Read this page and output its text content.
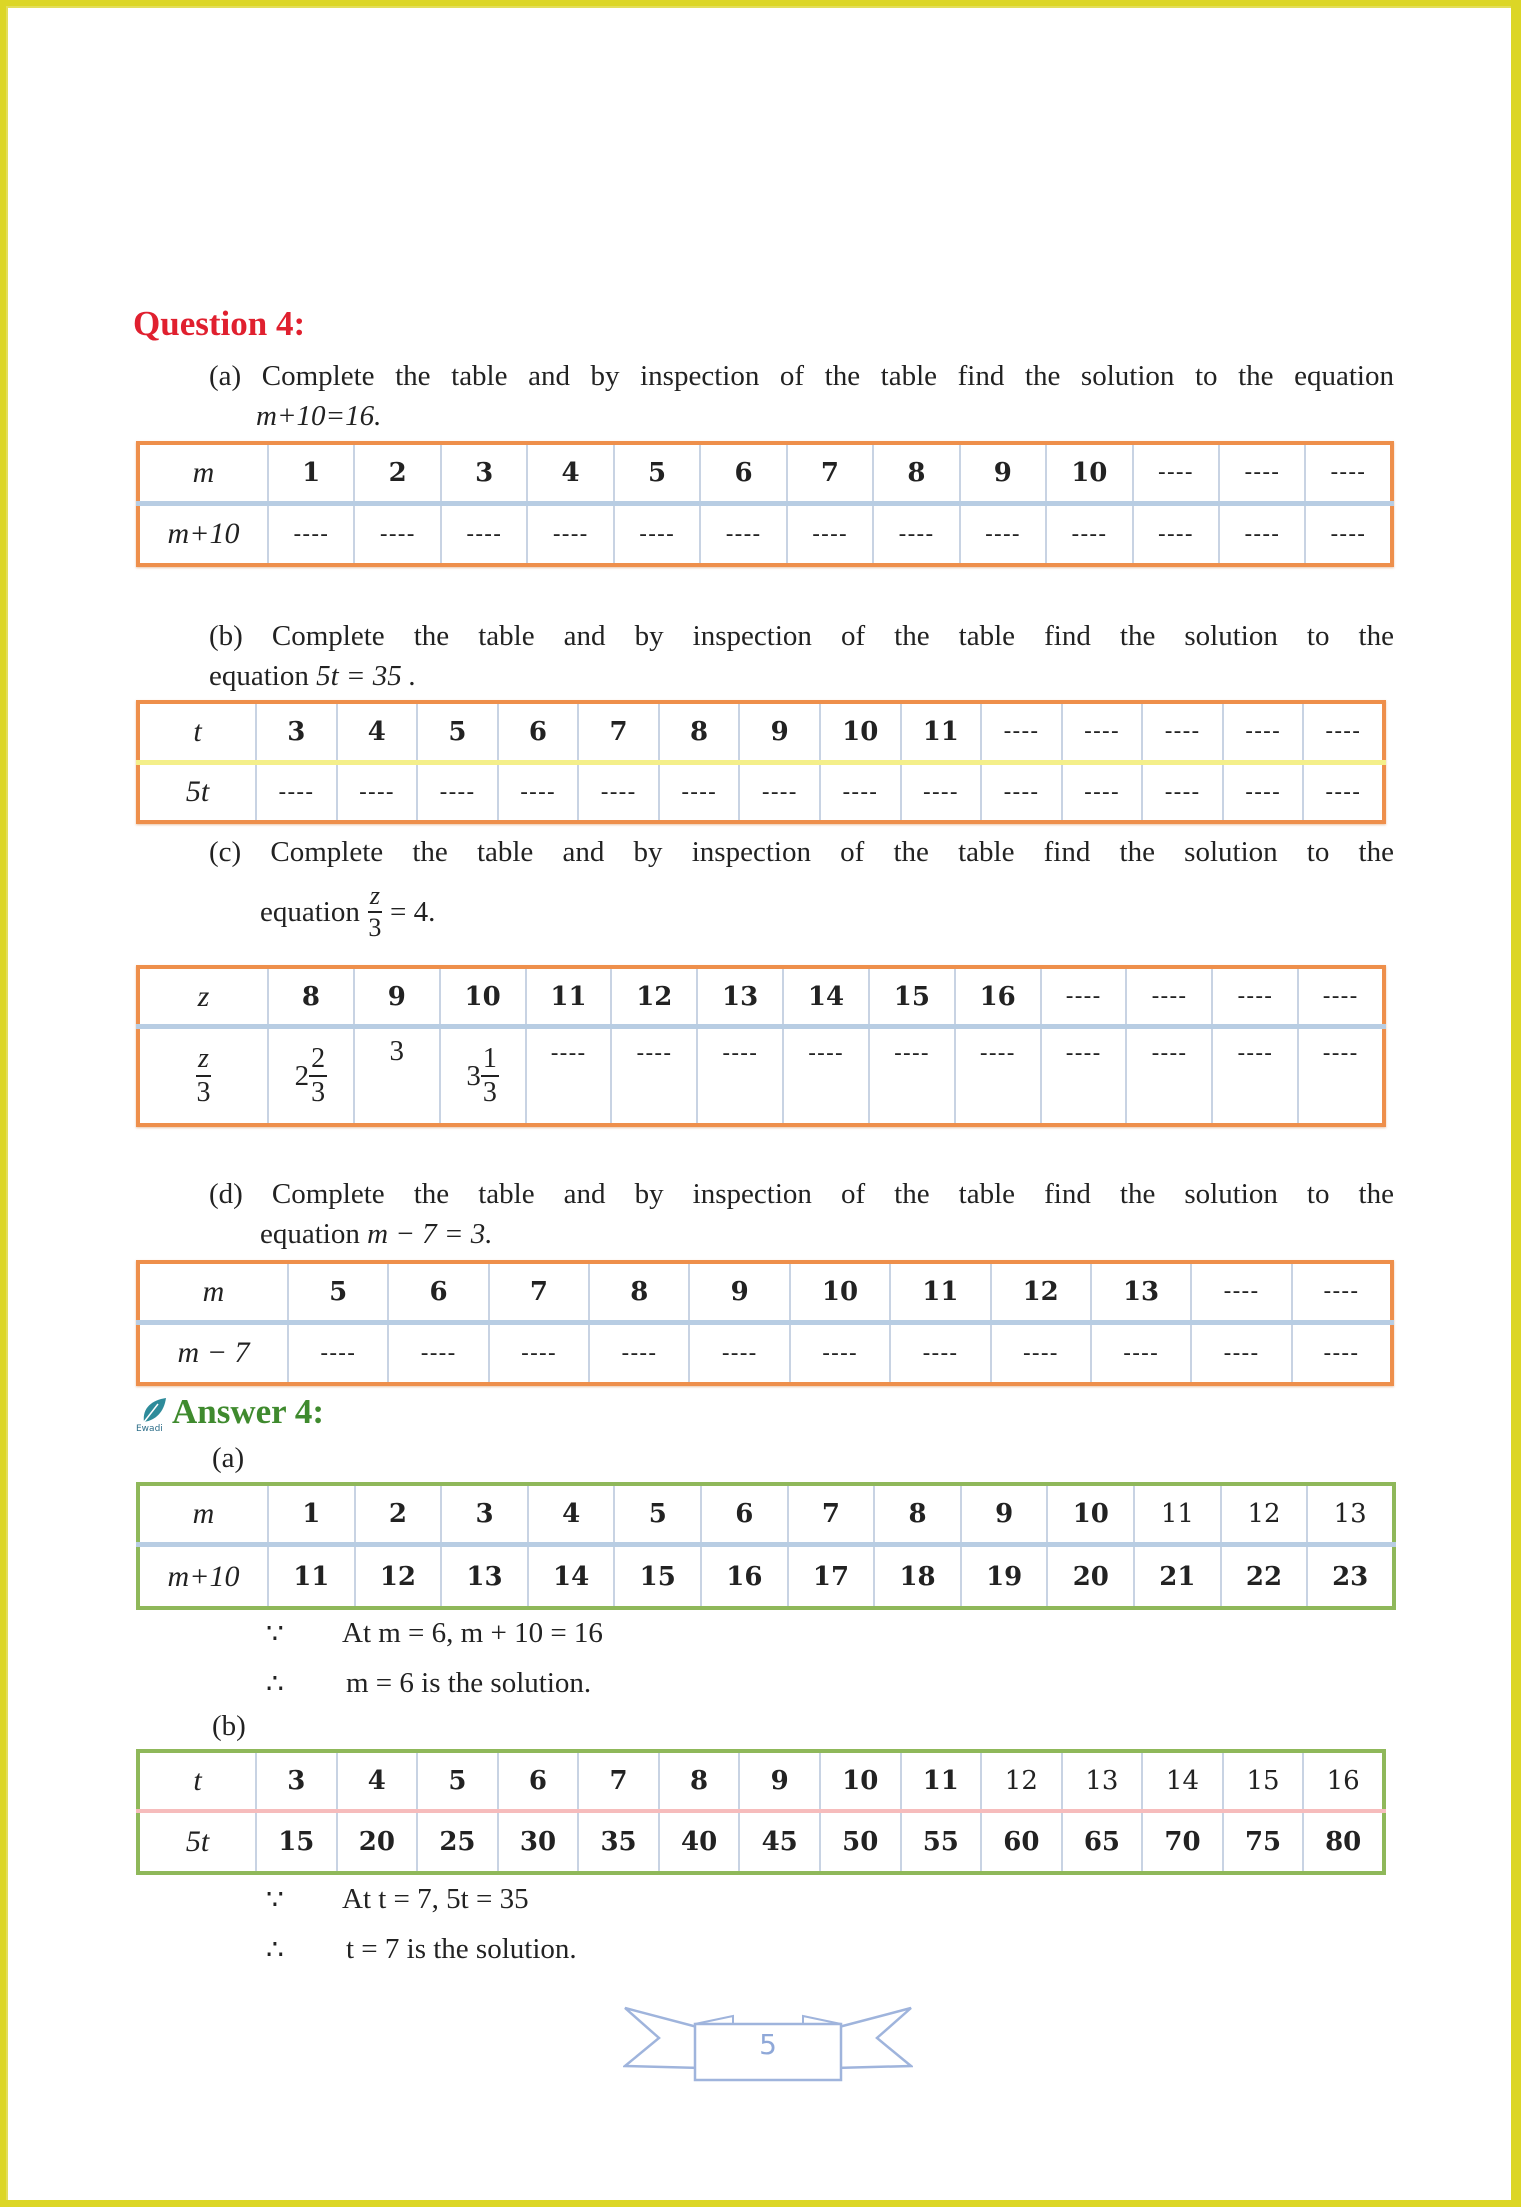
Question 4:
(a) Complete the table and by inspection of the table find the solution to the equation
m+10=16.
m	1	2	3	4	5	6	7	8	9	10	----	----	----
m+10	----	----	----	----	----	----	----	----	----	----	----	----	----
(b) Complete the table and by inspection of the table find the solution to the
equation 5t = 35 .
t	3	4	5	6	7	8	9	10	11	----	----	----	----	----
5t	----	----	----	----	----	----	----	----	----	----	----	----	----	----
(c) Complete the table and by inspection of the table find the solution to the
equation $\frac{z}{3} = 4$.
z	8	9	10	11	12	13	14	15	16	----	----	----	----

$\frac{z}{3}$	$2 \frac{2}{3}$	3	$3 \frac{1}{3}$	----	----	----	----	----	----	----	----	----	----
(d) Complete the table and by inspection of the table find the solution to the
equation m − 7 = 3.
m	5	6	7	8	9	10	11	12	13	----	----
m − 7	----	----	----	----	----	----	----	----	----	----	----
Ewadi Answer 4:
(a)
m	1	2	3	4	5	6	7	8	9	10	11	12	13
m+10	11	12	13	14	15	16	17	18	19	20	21	22	23
∵ At m = 6, m + 10 = 16
∴ m = 6 is the solution.
(b)
t	3	4	5	6	7	8	9	10	11	12	13	14	15	16
5t	15	20	25	30	35	40	45	50	55	60	65	70	75	80
∵ At t = 7, 5t = 35
∴ t = 7 is the solution.
5
